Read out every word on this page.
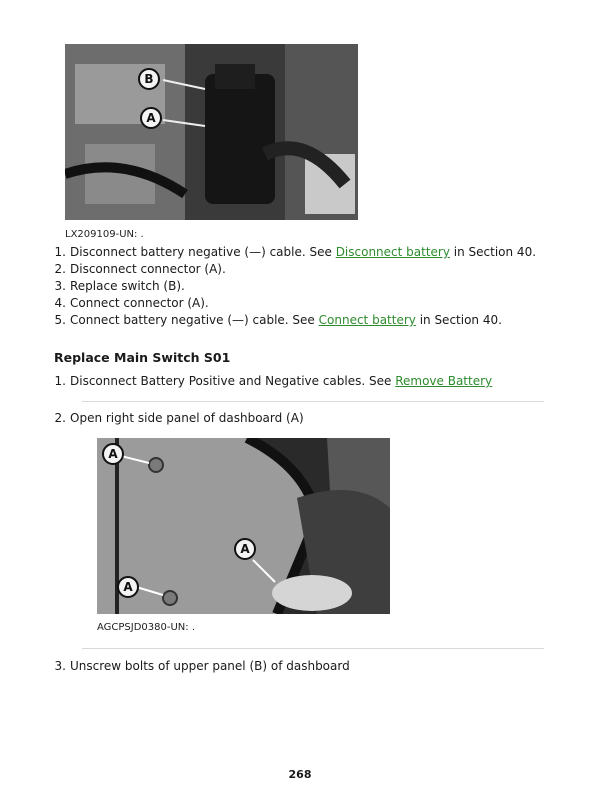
B
A
LX209109-UN: .
1. Disconnect battery negative (—) cable. See Disconnect battery in Section 40.
2. Disconnect connector (A).
3. Replace switch (B).
4. Connect connector (A).
5. Connect battery negative (—) cable. See Connect battery in Section 40.
Replace Main Switch S01
1. Disconnect Battery Positive and Negative cables. See Remove Battery
2. Open right side panel of dashboard (A)
A
A
A
AGCPSJD0380-UN: .
3. Unscrew bolts of upper panel (B) of dashboard
268
